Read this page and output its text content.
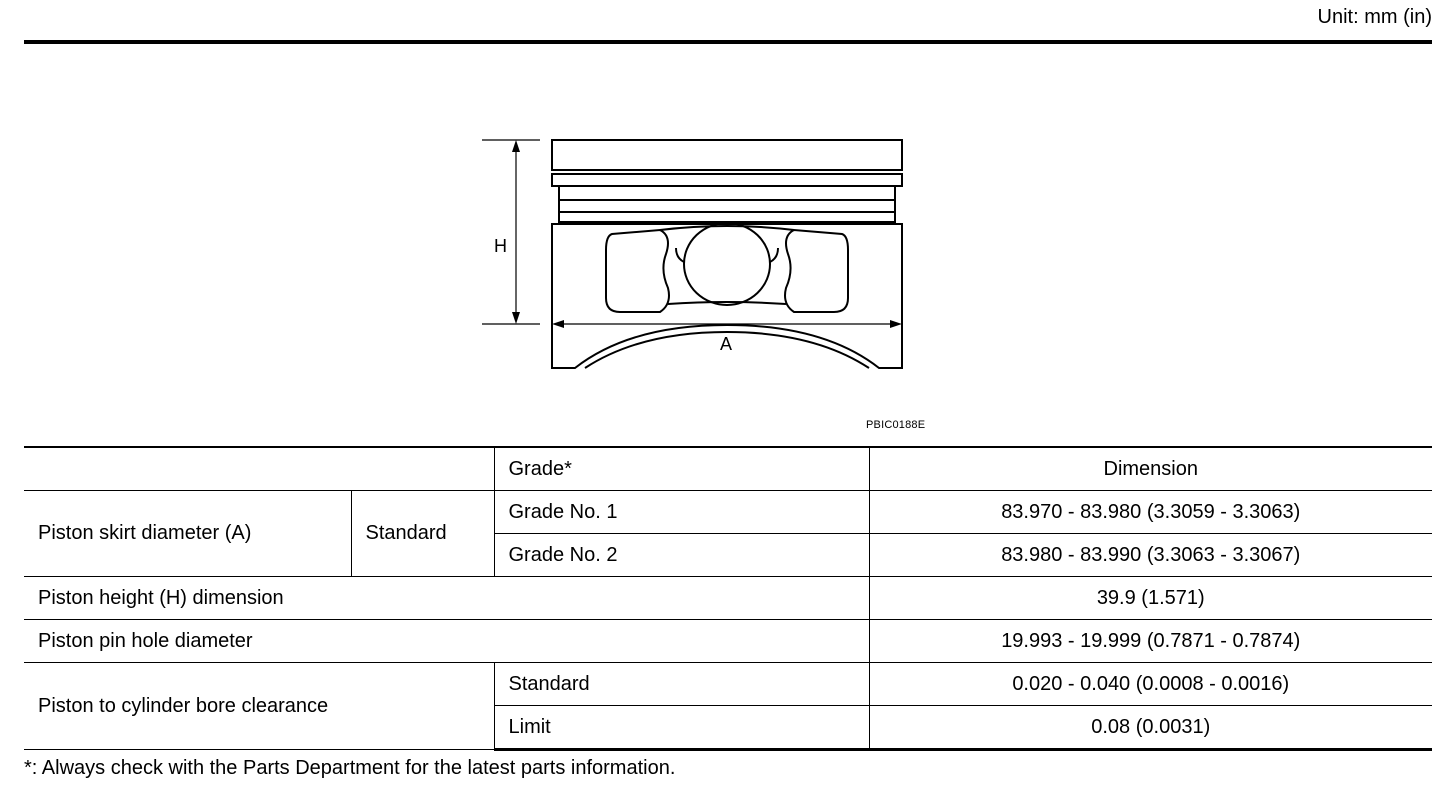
Unit: mm (in)
H
A
PBIC0188E
		Grade*	Dimension
Piston skirt diameter (A)	Standard	Grade No. 1	83.970 - 83.980 (3.3059 - 3.3063)
		Grade No. 2	83.980 - 83.990 (3.3063 - 3.3067)
Piston height (H) dimension			39.9 (1.571)
Piston pin hole diameter			19.993 - 19.999 (0.7871 - 0.7874)
Piston to cylinder bore clearance		Standard	0.020 - 0.040 (0.0008 - 0.0016)
		Limit	0.08 (0.0031)
*: Always check with the Parts Department for the latest parts information.
